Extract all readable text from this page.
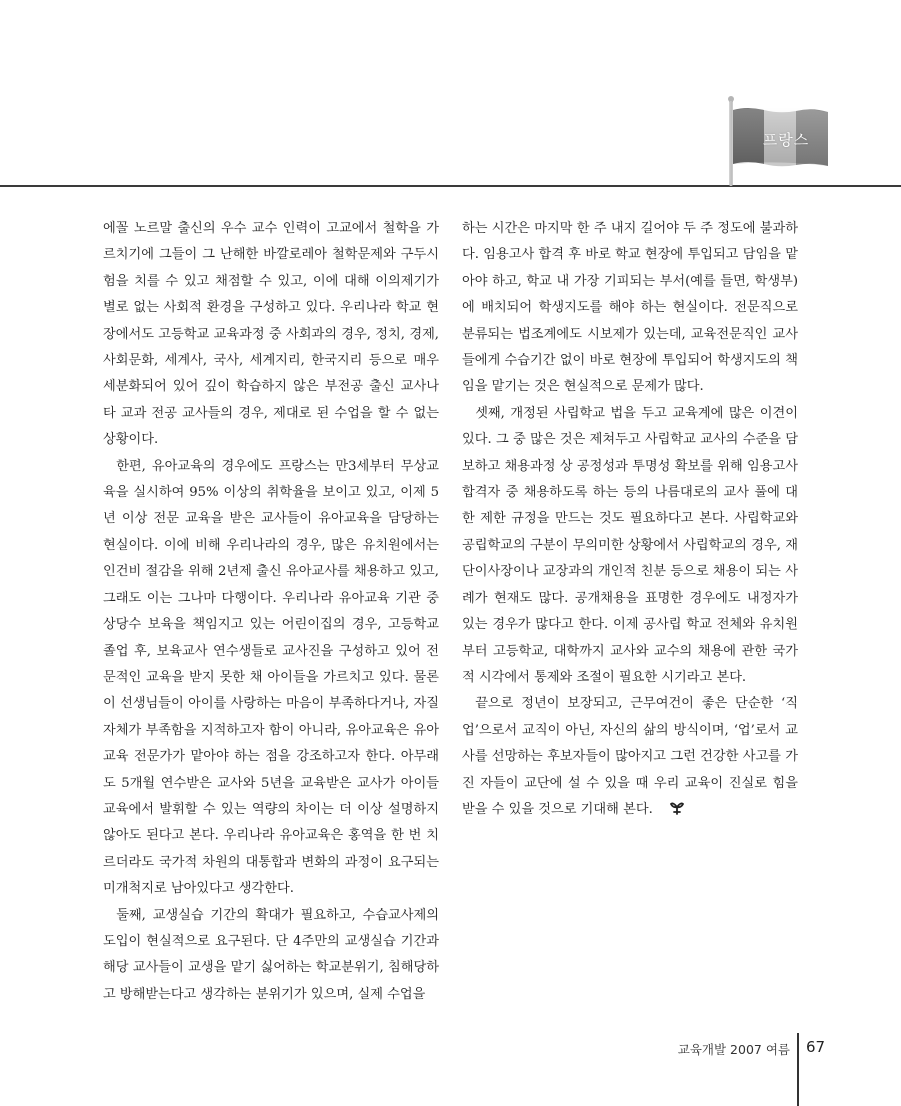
프랑스

에꼴 노르말 출신의 우수 교수 인력이 고교에서 철학을 가르치기에 그들이 그 난해한 바깔로레아 철학문제와 구두시험을 치를 수 있고 채점할 수 있고, 이에 대해 이의제기가 별로 없는 사회적 환경을 구성하고 있다. 우리나라 학교 현장에서도 고등학교 교육과정 중 사회과의 경우, 정치, 경제, 사회문화, 세계사, 국사, 세계지리, 한국지리 등으로 매우 세분화되어 있어 깊이 학습하지 않은 부전공 출신 교사나 타 교과 전공 교사들의 경우, 제대로 된 수업을 할 수 없는 상황이다.

한편, 유아교육의 경우에도 프랑스는 만3세부터 무상교육을 실시하여 95% 이상의 취학율을 보이고 있고, 이제 5년 이상 전문 교육을 받은 교사들이 유아교육을 담당하는 현실이다. 이에 비해 우리나라의 경우, 많은 유치원에서는 인건비 절감을 위해 2년제 출신 유아교사를 채용하고 있고, 그래도 이는 그나마 다행이다. 우리나라 유아교육 기관 중 상당수 보육을 책임지고 있는 어린이집의 경우, 고등학교 졸업 후, 보육교사 연수생들로 교사진을 구성하고 있어 전문적인 교육을 받지 못한 채 아이들을 가르치고 있다. 물론 이 선생님들이 아이를 사랑하는 마음이 부족하다거나, 자질 자체가 부족함을 지적하고자 함이 아니라, 유아교육은 유아교육 전문가가 맡아야 하는 점을 강조하고자 한다. 아무래도 5개월 연수받은 교사와 5년을 교육받은 교사가 아이들 교육에서 발휘할 수 있는 역량의 차이는 더 이상 설명하지 않아도 된다고 본다. 우리나라 유아교육은 홍역을 한 번 치르더라도 국가적 차원의 대통합과 변화의 과정이 요구되는 미개척지로 남아있다고 생각한다.

둘째, 교생실습 기간의 확대가 필요하고, 수습교사제의 도입이 현실적으로 요구된다. 단 4주만의 교생실습 기간과 해당 교사들이 교생을 맡기 싫어하는 학교분위기, 침해당하고 방해받는다고 생각하는 분위기가 있으며, 실제 수업을

하는 시간은 마지막 한 주 내지 길어야 두 주 정도에 불과하다. 임용고사 합격 후 바로 학교 현장에 투입되고 담임을 맡아야 하고, 학교 내 가장 기피되는 부서(예를 들면, 학생부)에 배치되어 학생지도를 해야 하는 현실이다. 전문직으로 분류되는 법조계에도 시보제가 있는데, 교육전문직인 교사들에게 수습기간 없이 바로 현장에 투입되어 학생지도의 책임을 맡기는 것은 현실적으로 문제가 많다.

셋째, 개정된 사립학교 법을 두고 교육계에 많은 이견이 있다. 그 중 많은 것은 제쳐두고 사립학교 교사의 수준을 담보하고 채용과정 상 공정성과 투명성 확보를 위해 임용고사 합격자 중 채용하도록 하는 등의 나름대로의 교사 풀에 대한 제한 규정을 만드는 것도 필요하다고 본다. 사립학교와 공립학교의 구분이 무의미한 상황에서 사립학교의 경우, 재단이사장이나 교장과의 개인적 친분 등으로 채용이 되는 사례가 현재도 많다. 공개채용을 표명한 경우에도 내정자가 있는 경우가 많다고 한다. 이제 공사립 학교 전체와 유치원부터 고등학교, 대학까지 교사와 교수의 채용에 관한 국가적 시각에서 통제와 조절이 필요한 시기라고 본다.

끝으로 정년이 보장되고, 근무여건이 좋은 단순한 ‘직업’으로서 교직이 아닌, 자신의 삶의 방식이며, ‘업’로서 교사를 선망하는 후보자들이 많아지고 그런 건강한 사고를 가진 자들이 교단에 설 수 있을 때 우리 교육이 진실로 힘을 받을 수 있을 것으로 기대해 본다.

교육개발 2007 여름 67
